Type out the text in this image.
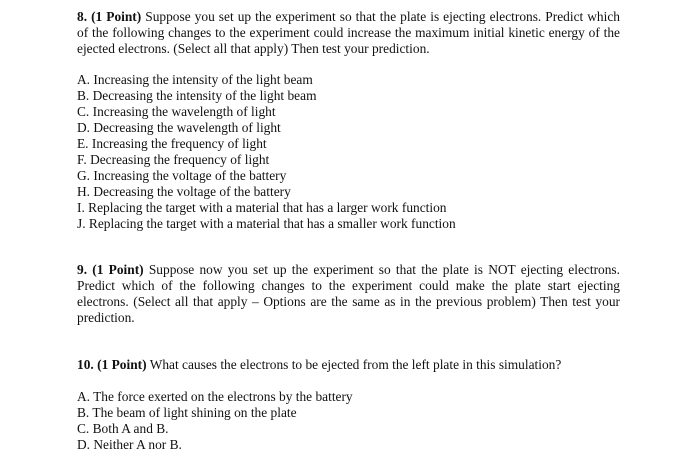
8. (1 Point) Suppose you set up the experiment so that the plate is ejecting electrons. Predict which of the following changes to the experiment could increase the maximum initial kinetic energy of the ejected electrons. (Select all that apply) Then test your prediction.
A. Increasing the intensity of the light beam
B. Decreasing the intensity of the light beam
C. Increasing the wavelength of light
D. Decreasing the wavelength of light
E. Increasing the frequency of light
F. Decreasing the frequency of light
G. Increasing the voltage of the battery
H. Decreasing the voltage of the battery
I. Replacing the target with a material that has a larger work function
J. Replacing the target with a material that has a smaller work function
9. (1 Point) Suppose now you set up the experiment so that the plate is NOT ejecting electrons. Predict which of the following changes to the experiment could make the plate start ejecting electrons. (Select all that apply – Options are the same as in the previous problem) Then test your prediction.
10. (1 Point) What causes the electrons to be ejected from the left plate in this simulation?
A. The force exerted on the electrons by the battery
B. The beam of light shining on the plate
C. Both A and B.
D. Neither A nor B.
